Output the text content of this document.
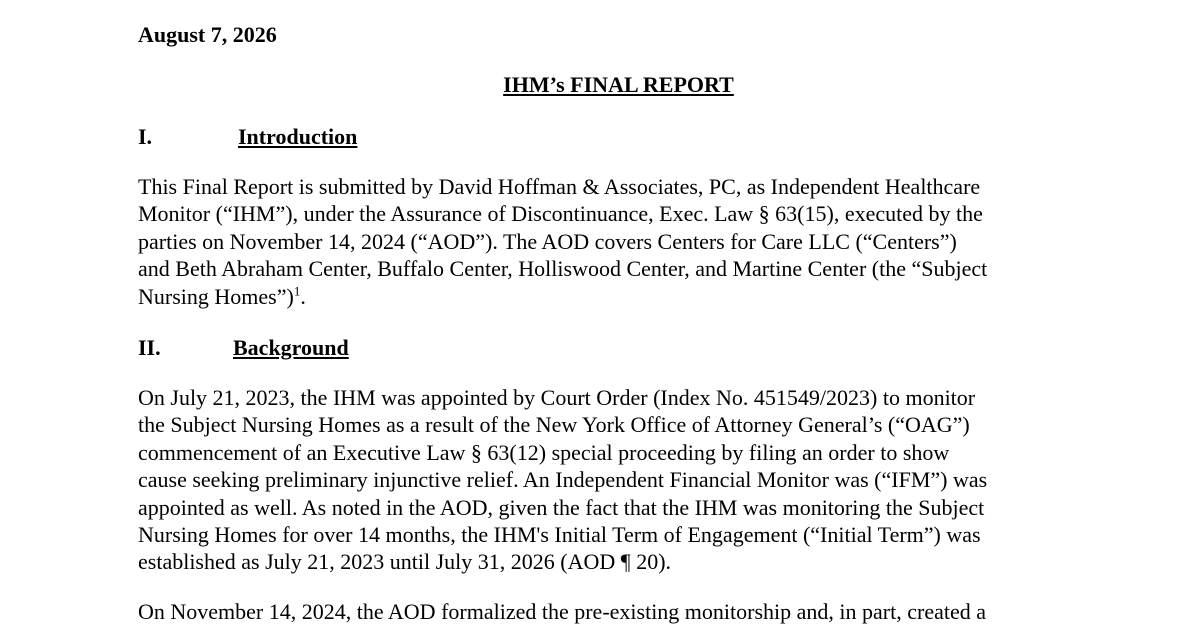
August 7, 2026
IHM’s FINAL REPORT
I.	Introduction
This Final Report is submitted by David Hoffman & Associates, PC, as Independent Healthcare
Monitor (“IHM”), under the Assurance of Discontinuance, Exec. Law § 63(15), executed by the
parties on November 14, 2024 (“AOD”). The AOD covers Centers for Care LLC (“Centers”)
and Beth Abraham Center, Buffalo Center, Holliswood Center, and Martine Center (the “Subject
Nursing Homes”)$^1$.
II.	Background
On July 21, 2023, the IHM was appointed by Court Order (Index No. 451549/2023) to monitor
the Subject Nursing Homes as a result of the New York Office of Attorney General’s (“OAG”)
commencement of an Executive Law § 63(12) special proceeding by filing an order to show
cause seeking preliminary injunctive relief. An Independent Financial Monitor was (“IFM”) was
appointed as well. As noted in the AOD, given the fact that the IHM was monitoring the Subject
Nursing Homes for over 14 months, the IHM's Initial Term of Engagement (“Initial Term”) was
established as July 21, 2023 until July 31, 2026 (AOD ¶ 20).
On November 14, 2024, the AOD formalized the pre-existing monitorship and, in part, created a
